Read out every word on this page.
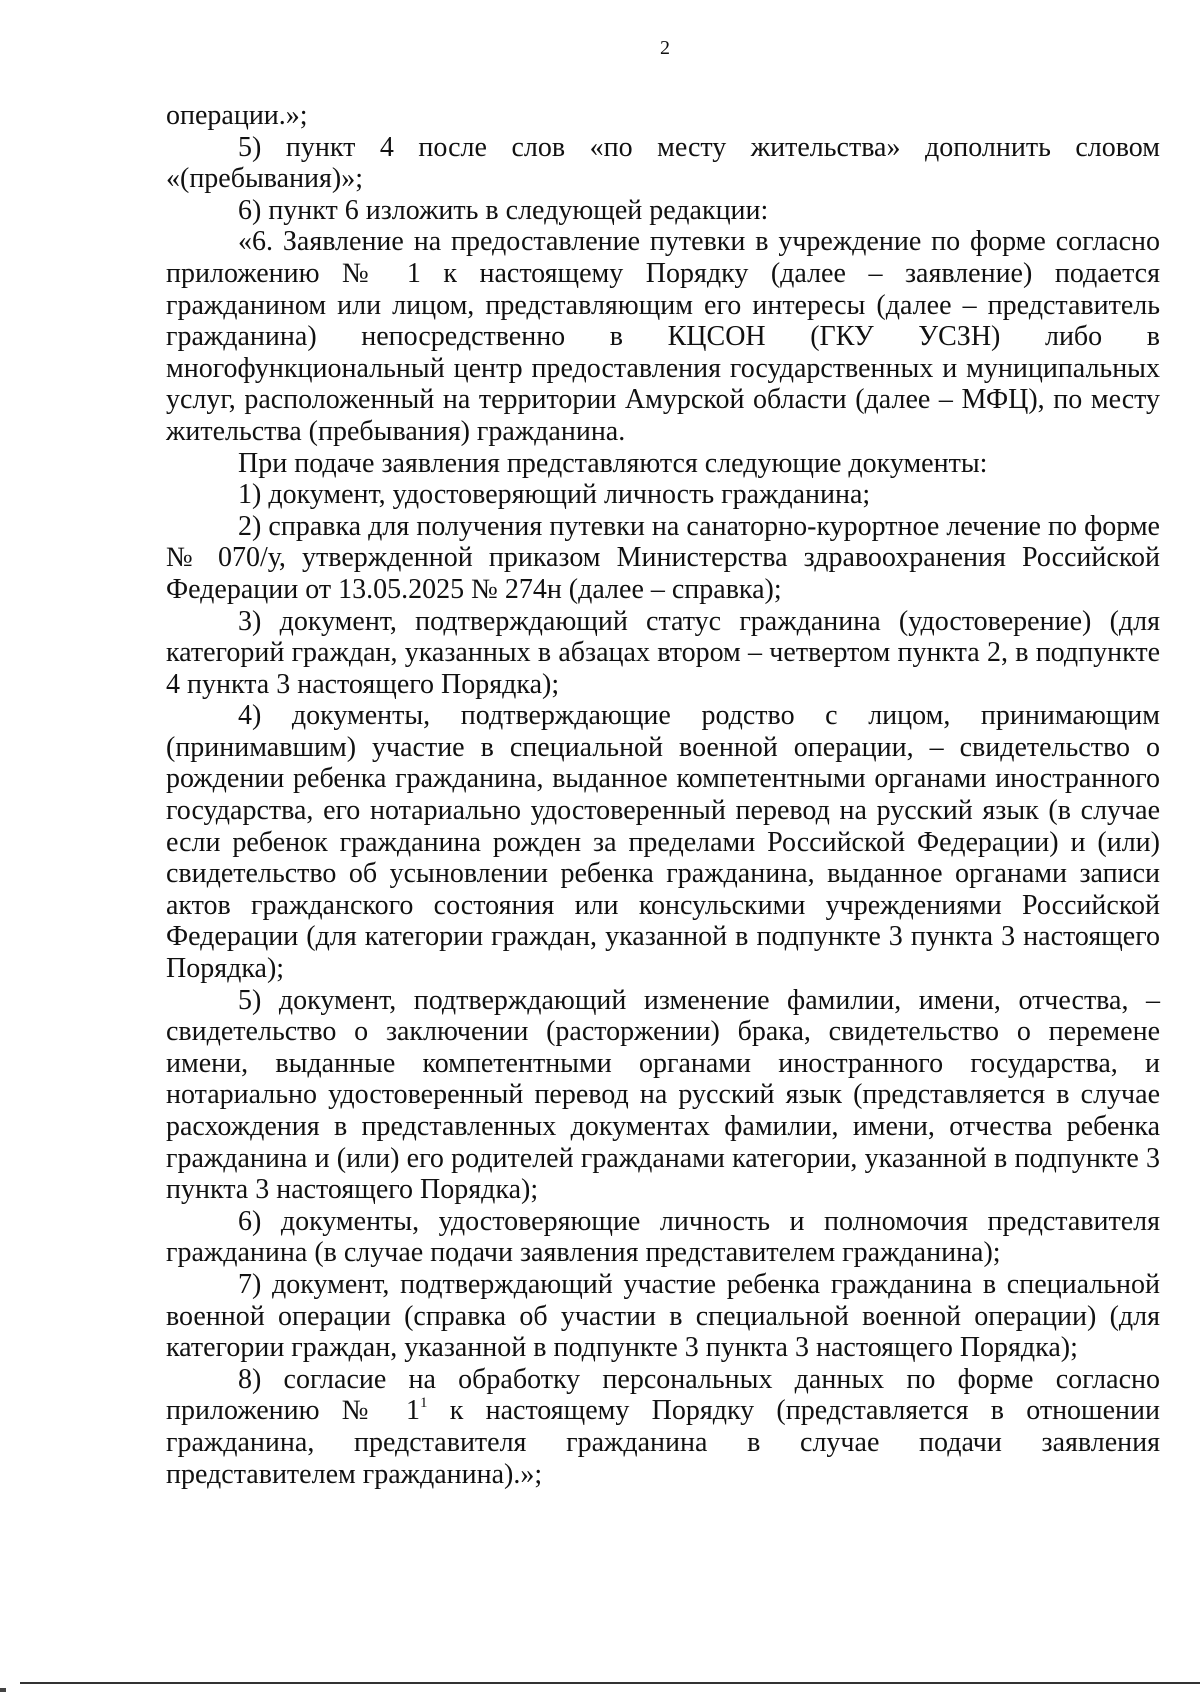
2

операции.»;

5) пункт 4 после слов «по месту жительства» дополнить словом «(пребывания)»;

6) пункт 6 изложить в следующей редакции:

«6. Заявление на предоставление путевки в учреждение по форме согласно приложению № 1 к настоящему Порядку (далее – заявление) подается гражданином или лицом, представляющим его интересы (далее – представитель гражданина) непосредственно в КЦСОН (ГКУ УСЗН) либо в многофункциональный центр предоставления государственных и муниципальных услуг, расположенный на территории Амурской области (далее – МФЦ), по месту жительства (пребывания) гражданина.

При подаче заявления представляются следующие документы:

1) документ, удостоверяющий личность гражданина;

2) справка для получения путевки на санаторно-курортное лечение по форме № 070/у, утвержденной приказом Министерства здравоохранения Российской Федерации от 13.05.2025 № 274н (далее – справка);

3) документ, подтверждающий статус гражданина (удостоверение) (для категорий граждан, указанных в абзацах втором – четвертом пункта 2, в подпункте 4 пункта 3 настоящего Порядка);

4) документы, подтверждающие родство с лицом, принимающим (принимавшим) участие в специальной военной операции, – свидетельство о рождении ребенка гражданина, выданное компетентными органами иностранного государства, его нотариально удостоверенный перевод на русский язык (в случае если ребенок гражданина рожден за пределами Российской Федерации) и (или) свидетельство об усыновлении ребенка гражданина, выданное органами записи актов гражданского состояния или консульскими учреждениями Российской Федерации (для категории граждан, указанной в подпункте 3 пункта 3 настоящего Порядка);

5) документ, подтверждающий изменение фамилии, имени, отчества, – свидетельство о заключении (расторжении) брака, свидетельство о перемене имени, выданные компетентными органами иностранного государства, и нотариально удостоверенный перевод на русский язык (представляется в случае расхождения в представленных документах фамилии, имени, отчества ребенка гражданина и (или) его родителей гражданами категории, указанной в подпункте 3 пункта 3 настоящего Порядка);

6) документы, удостоверяющие личность и полномочия представителя гражданина (в случае подачи заявления представителем гражданина);

7) документ, подтверждающий участие ребенка гражданина в специальной военной операции (справка об участии в специальной военной операции) (для категории граждан, указанной в подпункте 3 пункта 3 настоящего Порядка);

8) согласие на обработку персональных данных по форме согласно приложению № $1^1$ к настоящему Порядку (представляется в отношении гражданина, представителя гражданина в случае подачи заявления представителем гражданина).»;
